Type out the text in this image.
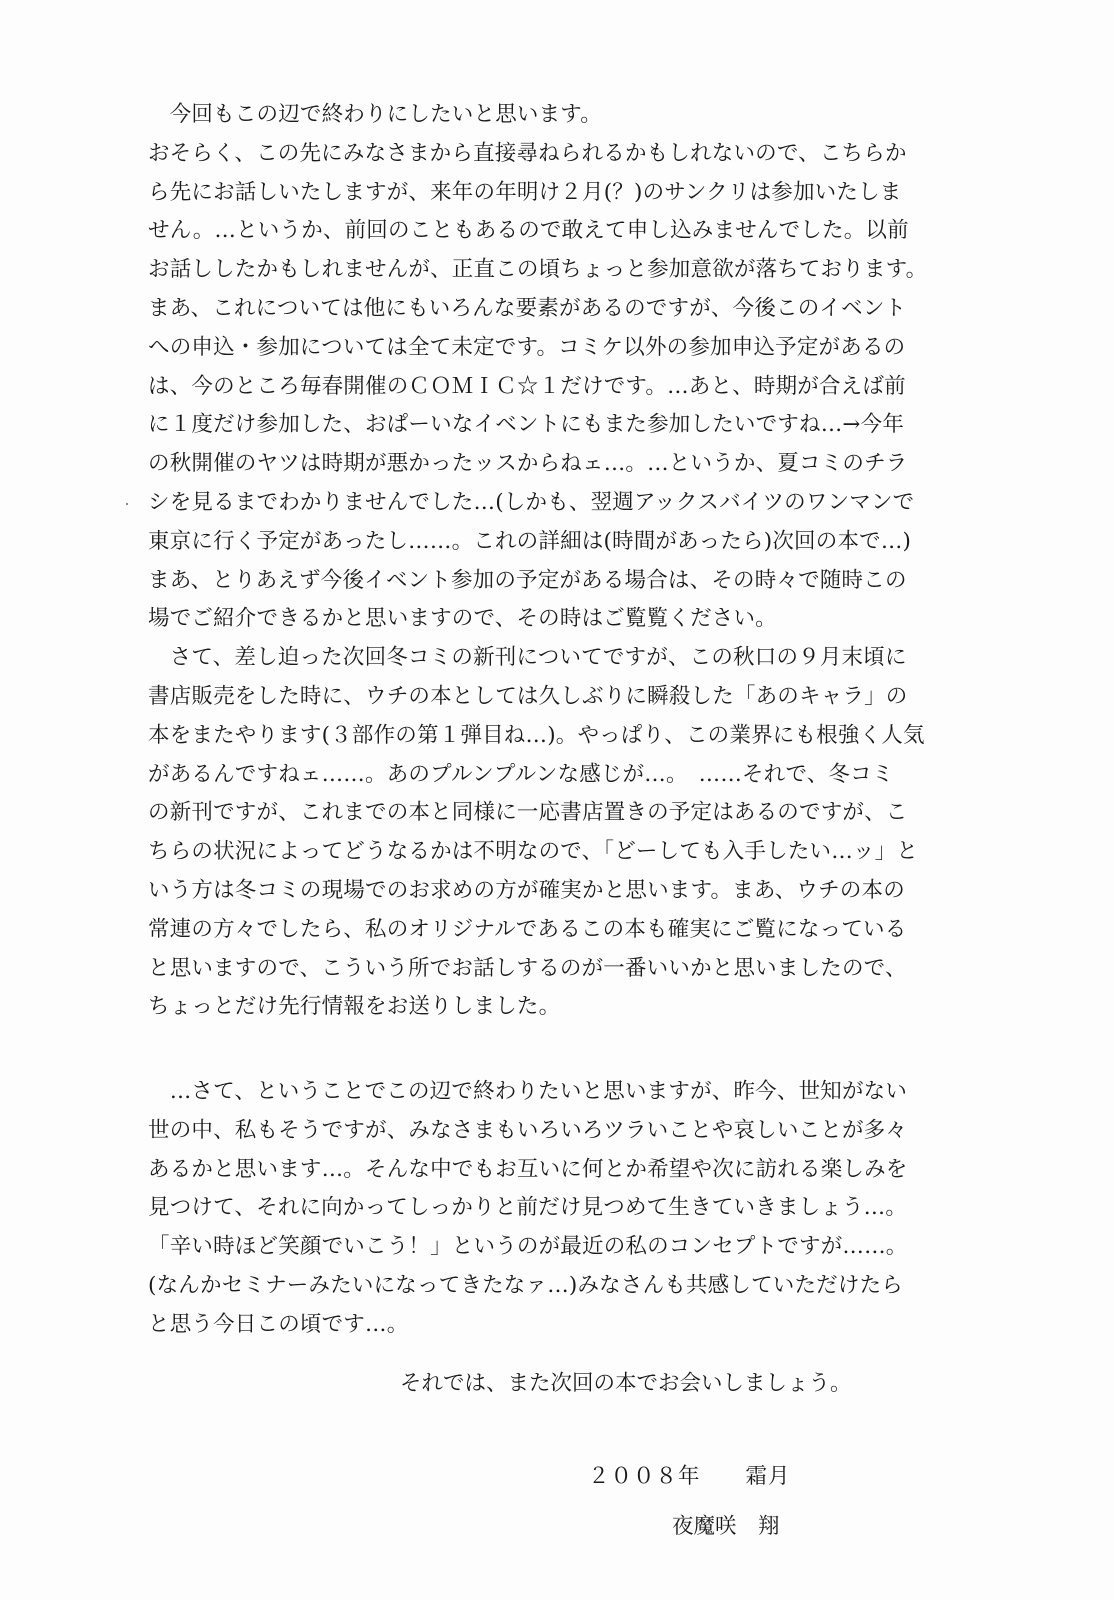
　今回もこの辺で終わりにしたいと思います。
おそらく、この先にみなさまから直接尋ねられるかもしれないので、こちらか
ら先にお話しいたしますが、来年の年明け２月(？)のサンクリは参加いたしま
せん。…というか、前回のこともあるので敢えて申し込みませんでした。以前
お話ししたかもしれませんが、正直この頃ちょっと参加意欲が落ちております。
まあ、これについては他にもいろんな要素があるのですが、今後このイベント
への申込・参加については全て未定です。コミケ以外の参加申込予定があるの
は、今のところ毎春開催のＣＯＭＩＣ☆１だけです。…あと、時期が合えば前
に１度だけ参加した、おぱーいなイベントにもまた参加したいですね…→今年
の秋開催のヤツは時期が悪かったッスからねェ…。…というか、夏コミのチラ
シを見るまでわかりませんでした…(しかも、翌週アックスバイツのワンマンで
東京に行く予定があったし……。これの詳細は(時間があったら)次回の本で…)
まあ、とりあえず今後イベント参加の予定がある場合は、その時々で随時この
場でご紹介できるかと思いますので、その時はご覧覧ください。
　さて、差し迫った次回冬コミの新刊についてですが、この秋口の９月末頃に
書店販売をした時に、ウチの本としては久しぶりに瞬殺した「あのキャラ」の
本をまたやります(３部作の第１弾目ね…)。やっぱり、この業界にも根強く人気
があるんですねェ……。あのプルンプルンな感じが…。　……それで、冬コミ
の新刊ですが、これまでの本と同様に一応書店置きの予定はあるのですが、こ
ちらの状況によってどうなるかは不明なので、「どーしても入手したい…ッ」と
いう方は冬コミの現場でのお求めの方が確実かと思います。まあ、ウチの本の
常連の方々でしたら、私のオリジナルであるこの本も確実にご覧になっている
と思いますので、こういう所でお話しするのが一番いいかと思いましたので、
ちょっとだけ先行情報をお送りしました。
　…さて、ということでこの辺で終わりたいと思いますが、昨今、世知がない
世の中、私もそうですが、みなさまもいろいろツラいことや哀しいことが多々
あるかと思います…。そんな中でもお互いに何とか希望や次に訪れる楽しみを
見つけて、それに向かってしっかりと前だけ見つめて生きていきましょう…。
「辛い時ほど笑顔でいこう！」というのが最近の私のコンセプトですが……。
(なんかセミナーみたいになってきたなァ…)みなさんも共感していただけたら
と思う今日この頃です…。
それでは、また次回の本でお会いしましょう。
２００８年　　霜月
夜魔咲　翔
